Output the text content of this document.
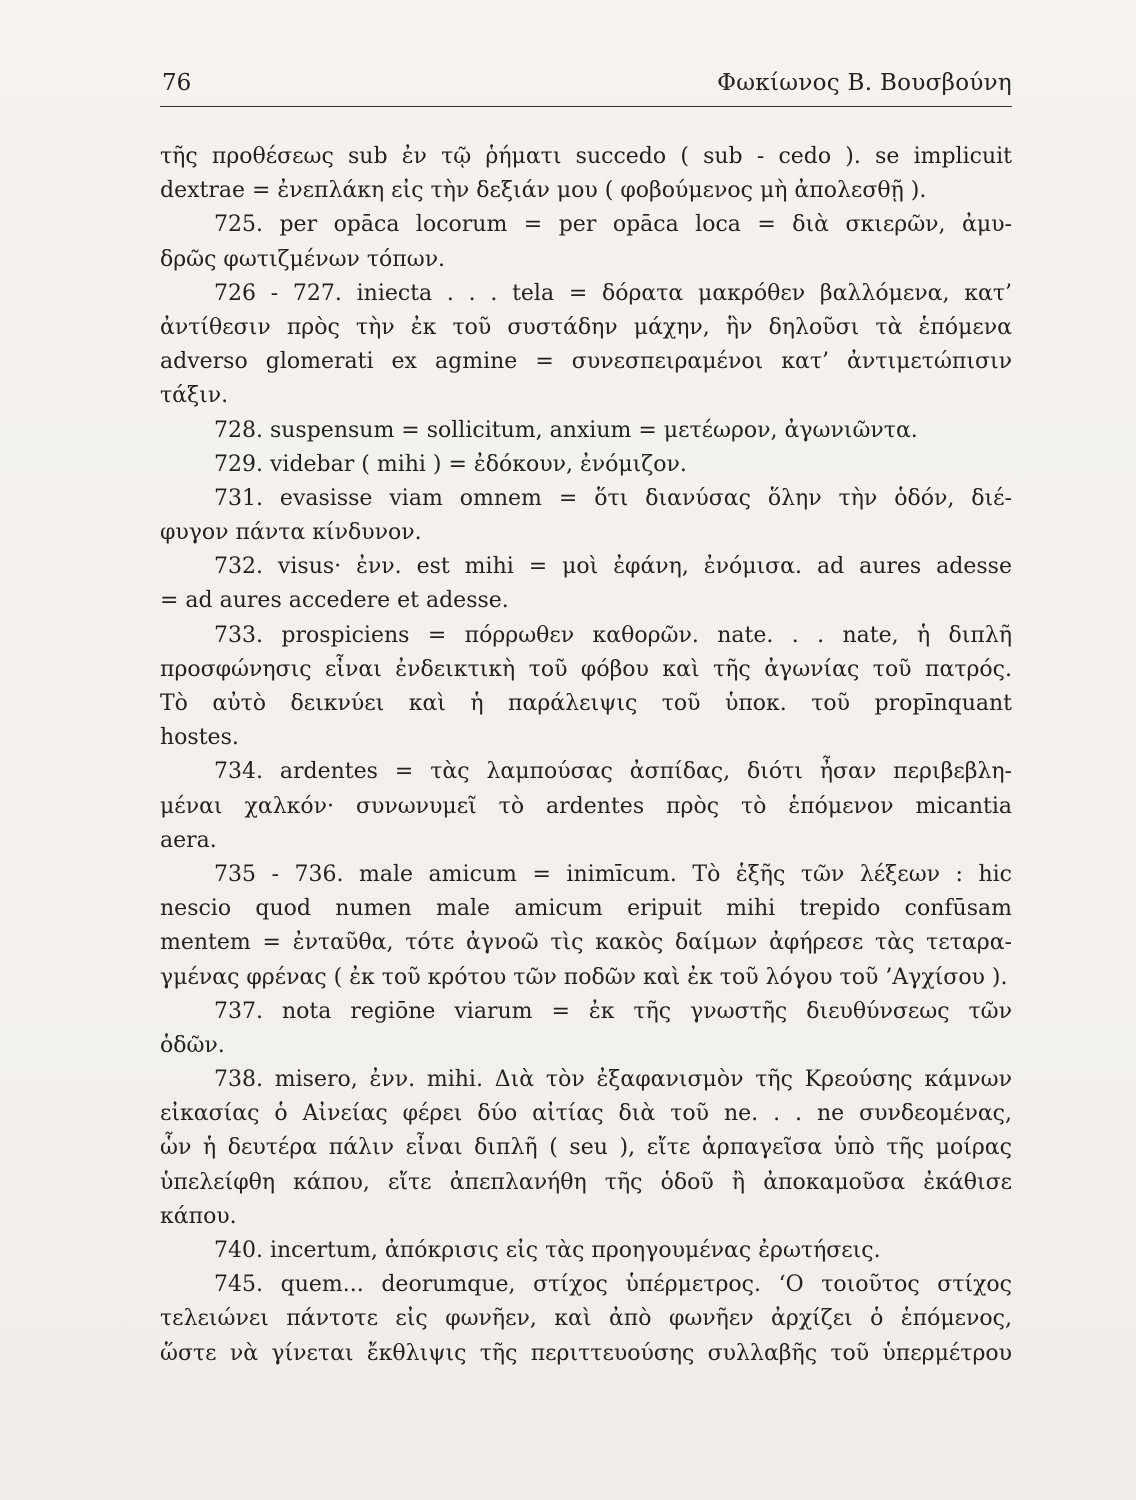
76	Φωκίωνος Β. Βουσβούνη
τῆς προθέσεως sub ἐν τῷ ῥήματι succedo ( sub - cedo ). se implicuit
dextrae = ἐνεπλάκη εἰς τὴν δεξιάν μου ( φοβούμενος μὴ ἀπολεσθῇ ).
725. per opāca locorum = per opāca loca = διὰ σκιερῶν, ἀμυ-
δρῶς φωτιζμένων τόπων.
726 - 727. iniecta . . . tela = δόρατα μακρόθεν βαλλόμενα, κατ’
ἀντίθεσιν πρὸς τὴν ἐκ τοῦ συστάδην μάχην, ἣν δηλοῦσι τὰ ἑπόμενα
adverso glomerati ex agmine = συνεσπειραμένοι κατ’ ἀντιμετώπισιν
τάξιν.
728. suspensum = sollicitum, anxium = μετέωρον, ἀγωνιῶντα.
729. videbar ( mihi ) = ἐδόκουν, ἐνόμιζον.
731. evasisse viam omnem = ὅτι διανύσας ὅλην τὴν ὁδόν, διέ-
φυγον πάντα κίνδυνον.
732. visus· ἐνν. est mihi = μοὶ ἐφάνη, ἐνόμισα. ad aures adesse
= ad aures accedere et adesse.
733. prospiciens = πόρρωθεν καθορῶν. nate. . . nate, ἡ διπλῆ
προσφώνησις εἶναι ἐνδεικτικὴ τοῦ φόβου καὶ τῆς ἀγωνίας τοῦ πατρός.
Τὸ αὐτὸ δεικνύει καὶ ἡ παράλειψις τοῦ ὑποκ. τοῦ propīnquant
hostes.
734. ardentes = τὰς λαμπούσας ἀσπίδας, διότι ἦσαν περιβεβλη-
μέναι χαλκόν· συνωνυμεῖ τὸ ardentes πρὸς τὸ ἑπόμενον micantia
aera.
735 - 736. male amicum = inimīcum. Τὸ ἑξῆς τῶν λέξεων : hic
nescio quod numen male amicum eripuit mihi trepido confūsam
mentem = ἐνταῦθα, τότε ἀγνοῶ τὶς κακὸς δαίμων ἀφήρεσε τὰς τεταρα-
γμένας φρένας ( ἐκ τοῦ κρότου τῶν ποδῶν καὶ ἐκ τοῦ λόγου τοῦ ’Αγχίσου ).
737. nota regiōne viarum = ἐκ τῆς γνωστῆς διευθύνσεως τῶν
ὁδῶν.
738. misero, ἐνν. mihi. Διὰ τὸν ἐξαφανισμὸν τῆς Κρεούσης κάμνων
εἰκασίας ὁ Αἰνείας φέρει δύο αἰτίας διὰ τοῦ ne. . . ne συνδεομένας,
ὧν ἡ δευτέρα πάλιν εἶναι διπλῆ ( seu ), εἴτε ἁρπαγεῖσα ὑπὸ τῆς μοίρας
ὑπελείφθη κάπου, εἴτε ἀπεπλανήθη τῆς ὁδοῦ ἢ ἀποκαμοῦσα ἐκάθισε
κάπου.
740. incertum, ἀπόκρισις εἰς τὰς προηγουμένας ἐρωτήσεις.
745. quem... deorumque, στίχος ὑπέρμετρος. ‘Ο τοιοῦτος στίχος
τελειώνει πάντοτε εἰς φωνῆεν, καὶ ἀπὸ φωνῆεν ἀρχίζει ὁ ἑπόμενος,
ὥστε νὰ γίνεται ἔκθλιψις τῆς περιττευούσης συλλαβῆς τοῦ ὑπερμέτρου
